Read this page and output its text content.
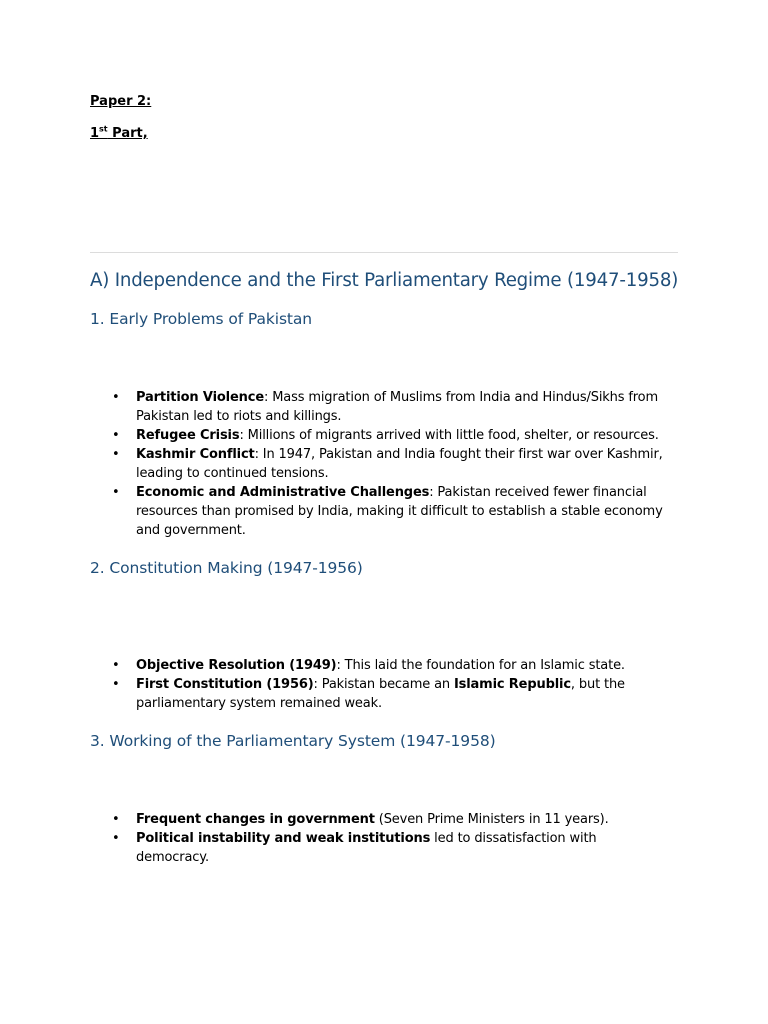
Paper 2:
1st Part,
A) Independence and the First Parliamentary Regime (1947-1958)
1. Early Problems of Pakistan
• Partition Violence: Mass migration of Muslims from India and Hindus/Sikhs from Pakistan led to riots and killings.
• Refugee Crisis: Millions of migrants arrived with little food, shelter, or resources.
• Kashmir Conflict: In 1947, Pakistan and India fought their first war over Kashmir, leading to continued tensions.
• Economic and Administrative Challenges: Pakistan received fewer financial resources than promised by India, making it difficult to establish a stable economy and government.
2. Constitution Making (1947-1956)
• Objective Resolution (1949): This laid the foundation for an Islamic state.
• First Constitution (1956): Pakistan became an Islamic Republic, but the parliamentary system remained weak.
3. Working of the Parliamentary System (1947-1958)
• Frequent changes in government (Seven Prime Ministers in 11 years).
• Political instability and weak institutions led to dissatisfaction with democracy.
